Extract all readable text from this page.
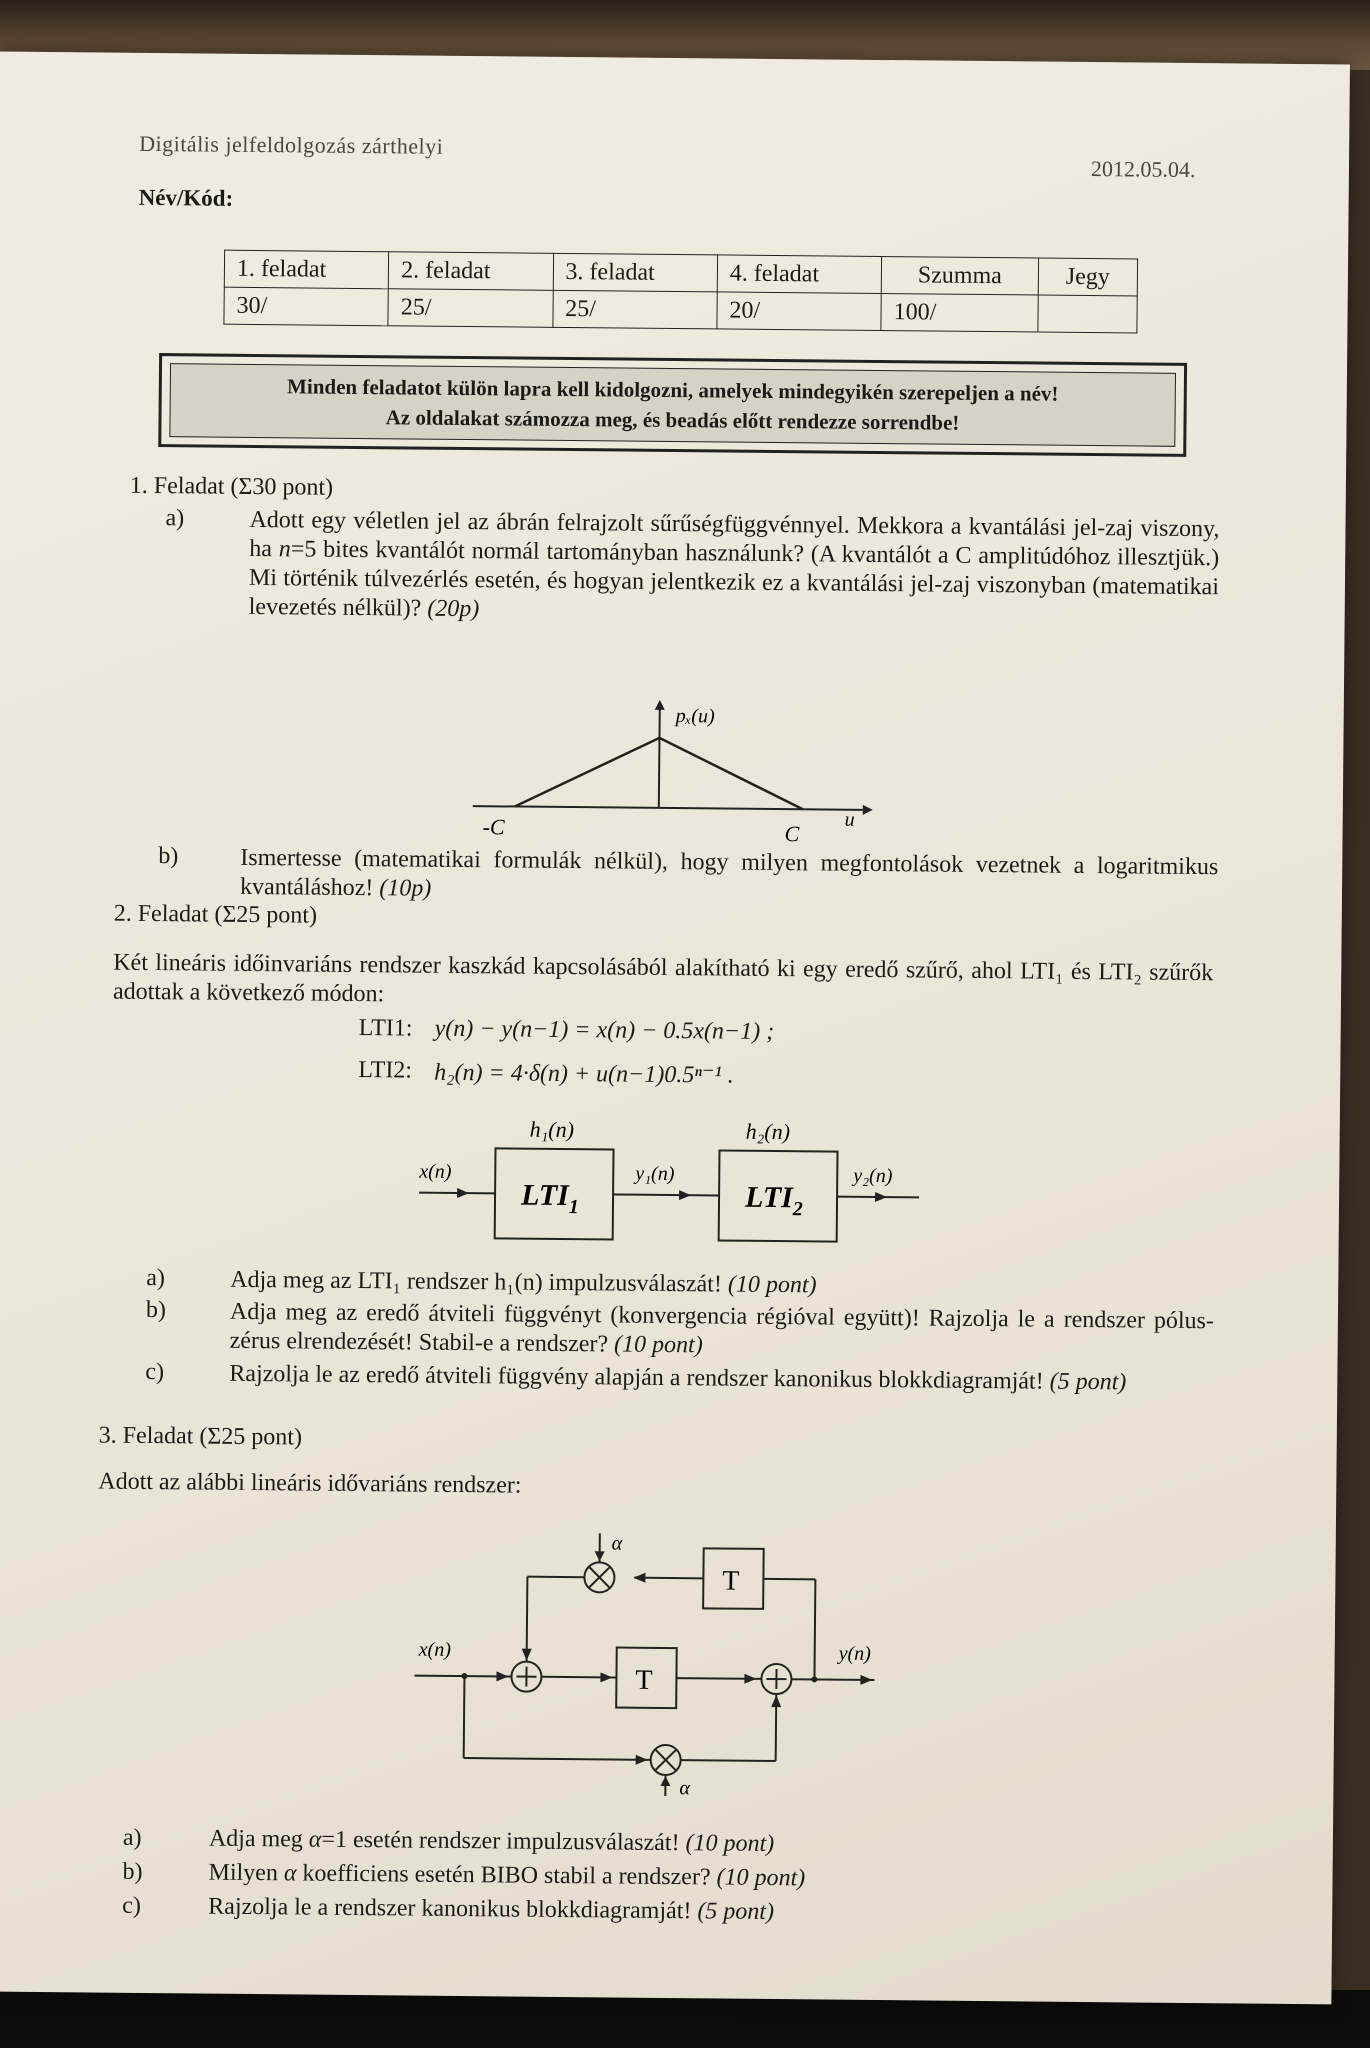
Digitális jelfeldolgozás zárthelyi
2012.05.04.
Név/Kód:
1. feladat	2. feladat	3. feladat	4. feladat	Szumma	Jegy
30/	25/	25/	20/	100/	
Minden feladatot külön lapra kell kidolgozni, amelyek mindegyikén szerepeljen a név!
Az oldalakat számozza meg, és beadás előtt rendezze sorrendbe!
1. Feladat (Σ30 pont)
a)	Adott egy véletlen jel az ábrán felrajzolt sűrűségfüggvénnyel. Mekkora a kvantálási jel-zaj viszony, ha n=5 bites kvantálót normál tartományban használunk? (A kvantálót a C amplitúdóhoz illesztjük.) Mi történik túlvezérlés esetén, és hogyan jelentkezik ez a kvantálási jel-zaj viszonyban (matematikai levezetés nélkül)? (20p)
pₓ(u)
u
-C	C
b)	Ismertesse (matematikai formulák nélkül), hogy milyen megfontolások vezetnek a logaritmikus kvantáláshoz! (10p)
2. Feladat (Σ25 pont)
Két lineáris időinvariáns rendszer kaszkád kapcsolásából alakítható ki egy eredő szűrő, ahol LTI₁ és LTI₂ szűrők adottak a következő módon:
LTI1: y(n) − y(n−1) = x(n) − 0.5x(n−1) ;
LTI2: h₂(n) = 4·δ(n) + u(n−1)0.5ⁿ⁻¹ .
h₁(n)	h₂(n)
$LTI_1$	$LTI_2$
x(n)	y₁(n)	y₂(n)
a)	Adja meg az LTI₁ rendszer h₁(n) impulzusválaszát! (10 pont)
b)	Adja meg az eredő átviteli függvényt (konvergencia régióval együtt)! Rajzolja le a rendszer pólus-zérus elrendezését! Stabil-e a rendszer? (10 pont)
c)	Rajzolja le az eredő átviteli függvény alapján a rendszer kanonikus blokkdiagramját! (5 pont)
3. Feladat (Σ25 pont)
Adott az alábbi lineáris idővariáns rendszer:
x(n)
T
y(n)
T
α
α
a)	Adja meg α=1 esetén rendszer impulzusválaszát! (10 pont)
b)	Milyen α koefficiens esetén BIBO stabil a rendszer? (10 pont)
c)	Rajzolja le a rendszer kanonikus blokkdiagramját! (5 pont)
